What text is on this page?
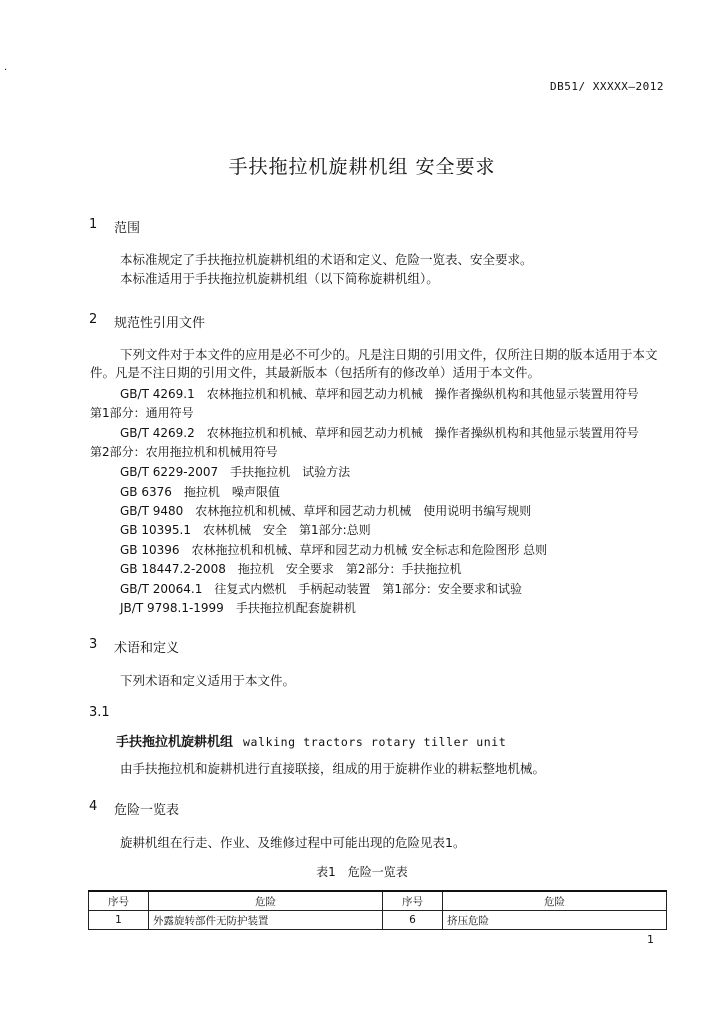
.
DB51/ XXXXX—2012
手扶拖拉机旋耕机组 安全要求
1 范围
本标准规定了手扶拖拉机旋耕机组的术语和定义、危险一览表、安全要求。
本标准适用于手扶拖拉机旋耕机组（以下简称旋耕机组）。
2 规范性引用文件
下列文件对于本文件的应用是必不可少的。凡是注日期的引用文件，仅所注日期的版本适用于本文
件。凡是不注日期的引用文件，其最新版本（包括所有的修改单）适用于本文件。
GB/T 4269.1　农林拖拉机和机械、草坪和园艺动力机械　操作者操纵机构和其他显示装置用符号
第1部分：通用符号
GB/T 4269.2　农林拖拉机和机械、草坪和园艺动力机械　操作者操纵机构和其他显示装置用符号
第2部分：农用拖拉机和机械用符号
GB/T 6229-2007　手扶拖拉机　试验方法
GB 6376　拖拉机　噪声限值
GB/T 9480　农林拖拉机和机械、草坪和园艺动力机械　使用说明书编写规则
GB 10395.1　农林机械　安全　第1部分:总则
GB 10396　农林拖拉机和机械、草坪和园艺动力机械 安全标志和危险图形 总则
GB 18447.2-2008　拖拉机　安全要求　第2部分：手扶拖拉机
GB/T 20064.1　往复式内燃机　手柄起动装置　第1部分：安全要求和试验
JB/T 9798.1-1999　手扶拖拉机配套旋耕机
3 术语和定义
下列术语和定义适用于本文件。
3.1
手扶拖拉机旋耕机组 walking tractors rotary tiller unit
由手扶拖拉机和旋耕机进行直接联接，组成的用于旋耕作业的耕耘整地机械。
4 危险一览表
旋耕机组在行走、作业、及维修过程中可能出现的危险见表1。
表1　危险一览表
序号	危险	序号	危险
1	外露旋转部件无防护装置	6	挤压危险
1
